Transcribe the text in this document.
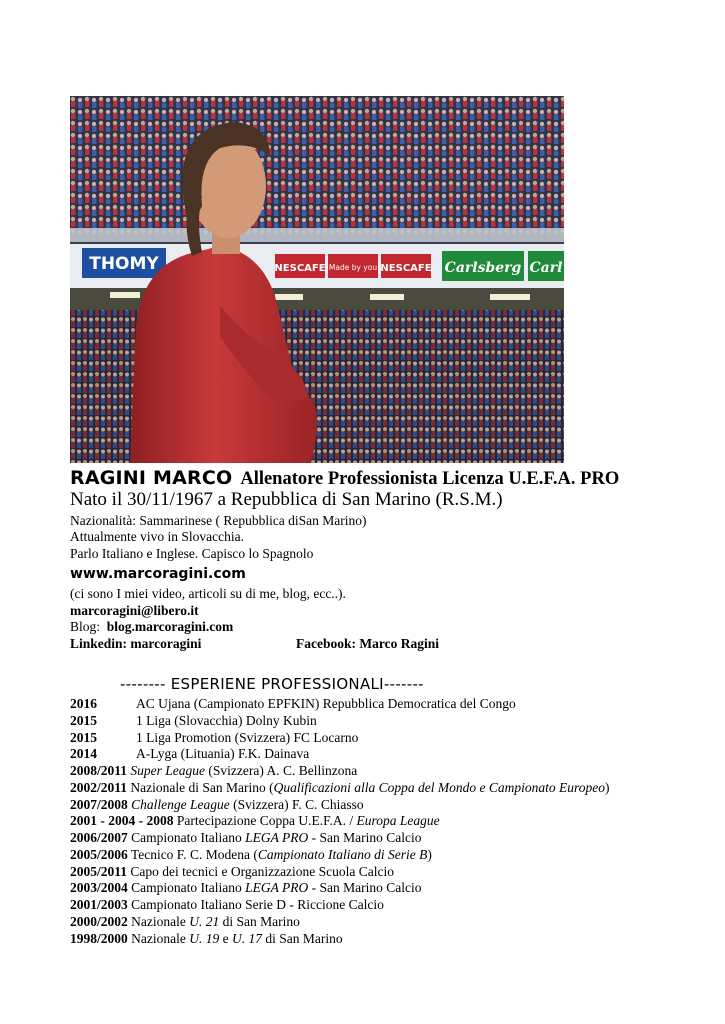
THOMY	NESCAFE Made by you NESCAFE Carlsberg Carl
RAGINI MARCO Allenatore Professionista Licenza U.E.F.A. PRO
Nato il 30/11/1967 a Repubblica di San Marino (R.S.M.)
Nazionalità: Sammarinese ( Repubblica diSan Marino)
Attualmente vivo in Slovacchia.
Parlo Italiano e Inglese. Capisco lo Spagnolo
www.marcoragini.com
(ci sono I miei video, articoli su di me, blog, ecc..).
marcoragini@libero.it
Blog: blog.marcoragini.com
Linkedin: marcoragini	Facebook: Marco Ragini
-------- ESPERIENE PROFESSIONALI-------
2016	AC Ujana (Campionato EPFKIN) Repubblica Democratica del Congo
2015	1 Liga (Slovacchia) Dolny Kubin
2015	1 Liga Promotion (Svizzera) FC Locarno
2014	A-Lyga (Lituania) F.K. Dainava
2008/2011 Super League (Svizzera) A. C. Bellinzona
2002/2011 Nazionale di San Marino (Qualificazioni alla Coppa del Mondo e Campionato Europeo)
2007/2008 Challenge League (Svizzera) F. C. Chiasso
2001 - 2004 - 2008 Partecipazione Coppa U.E.F.A. / Europa League
2006/2007 Campionato Italiano LEGA PRO - San Marino Calcio
2005/2006 Tecnico F. C. Modena (Campionato Italiano di Serie B)
2005/2011 Capo dei tecnici e Organizzazione Scuola Calcio
2003/2004 Campionato Italiano LEGA PRO - San Marino Calcio
2001/2003 Campionato Italiano Serie D - Riccione Calcio
2000/2002 Nazionale U. 21 di San Marino
1998/2000 Nazionale U. 19 e U. 17 di San Marino
